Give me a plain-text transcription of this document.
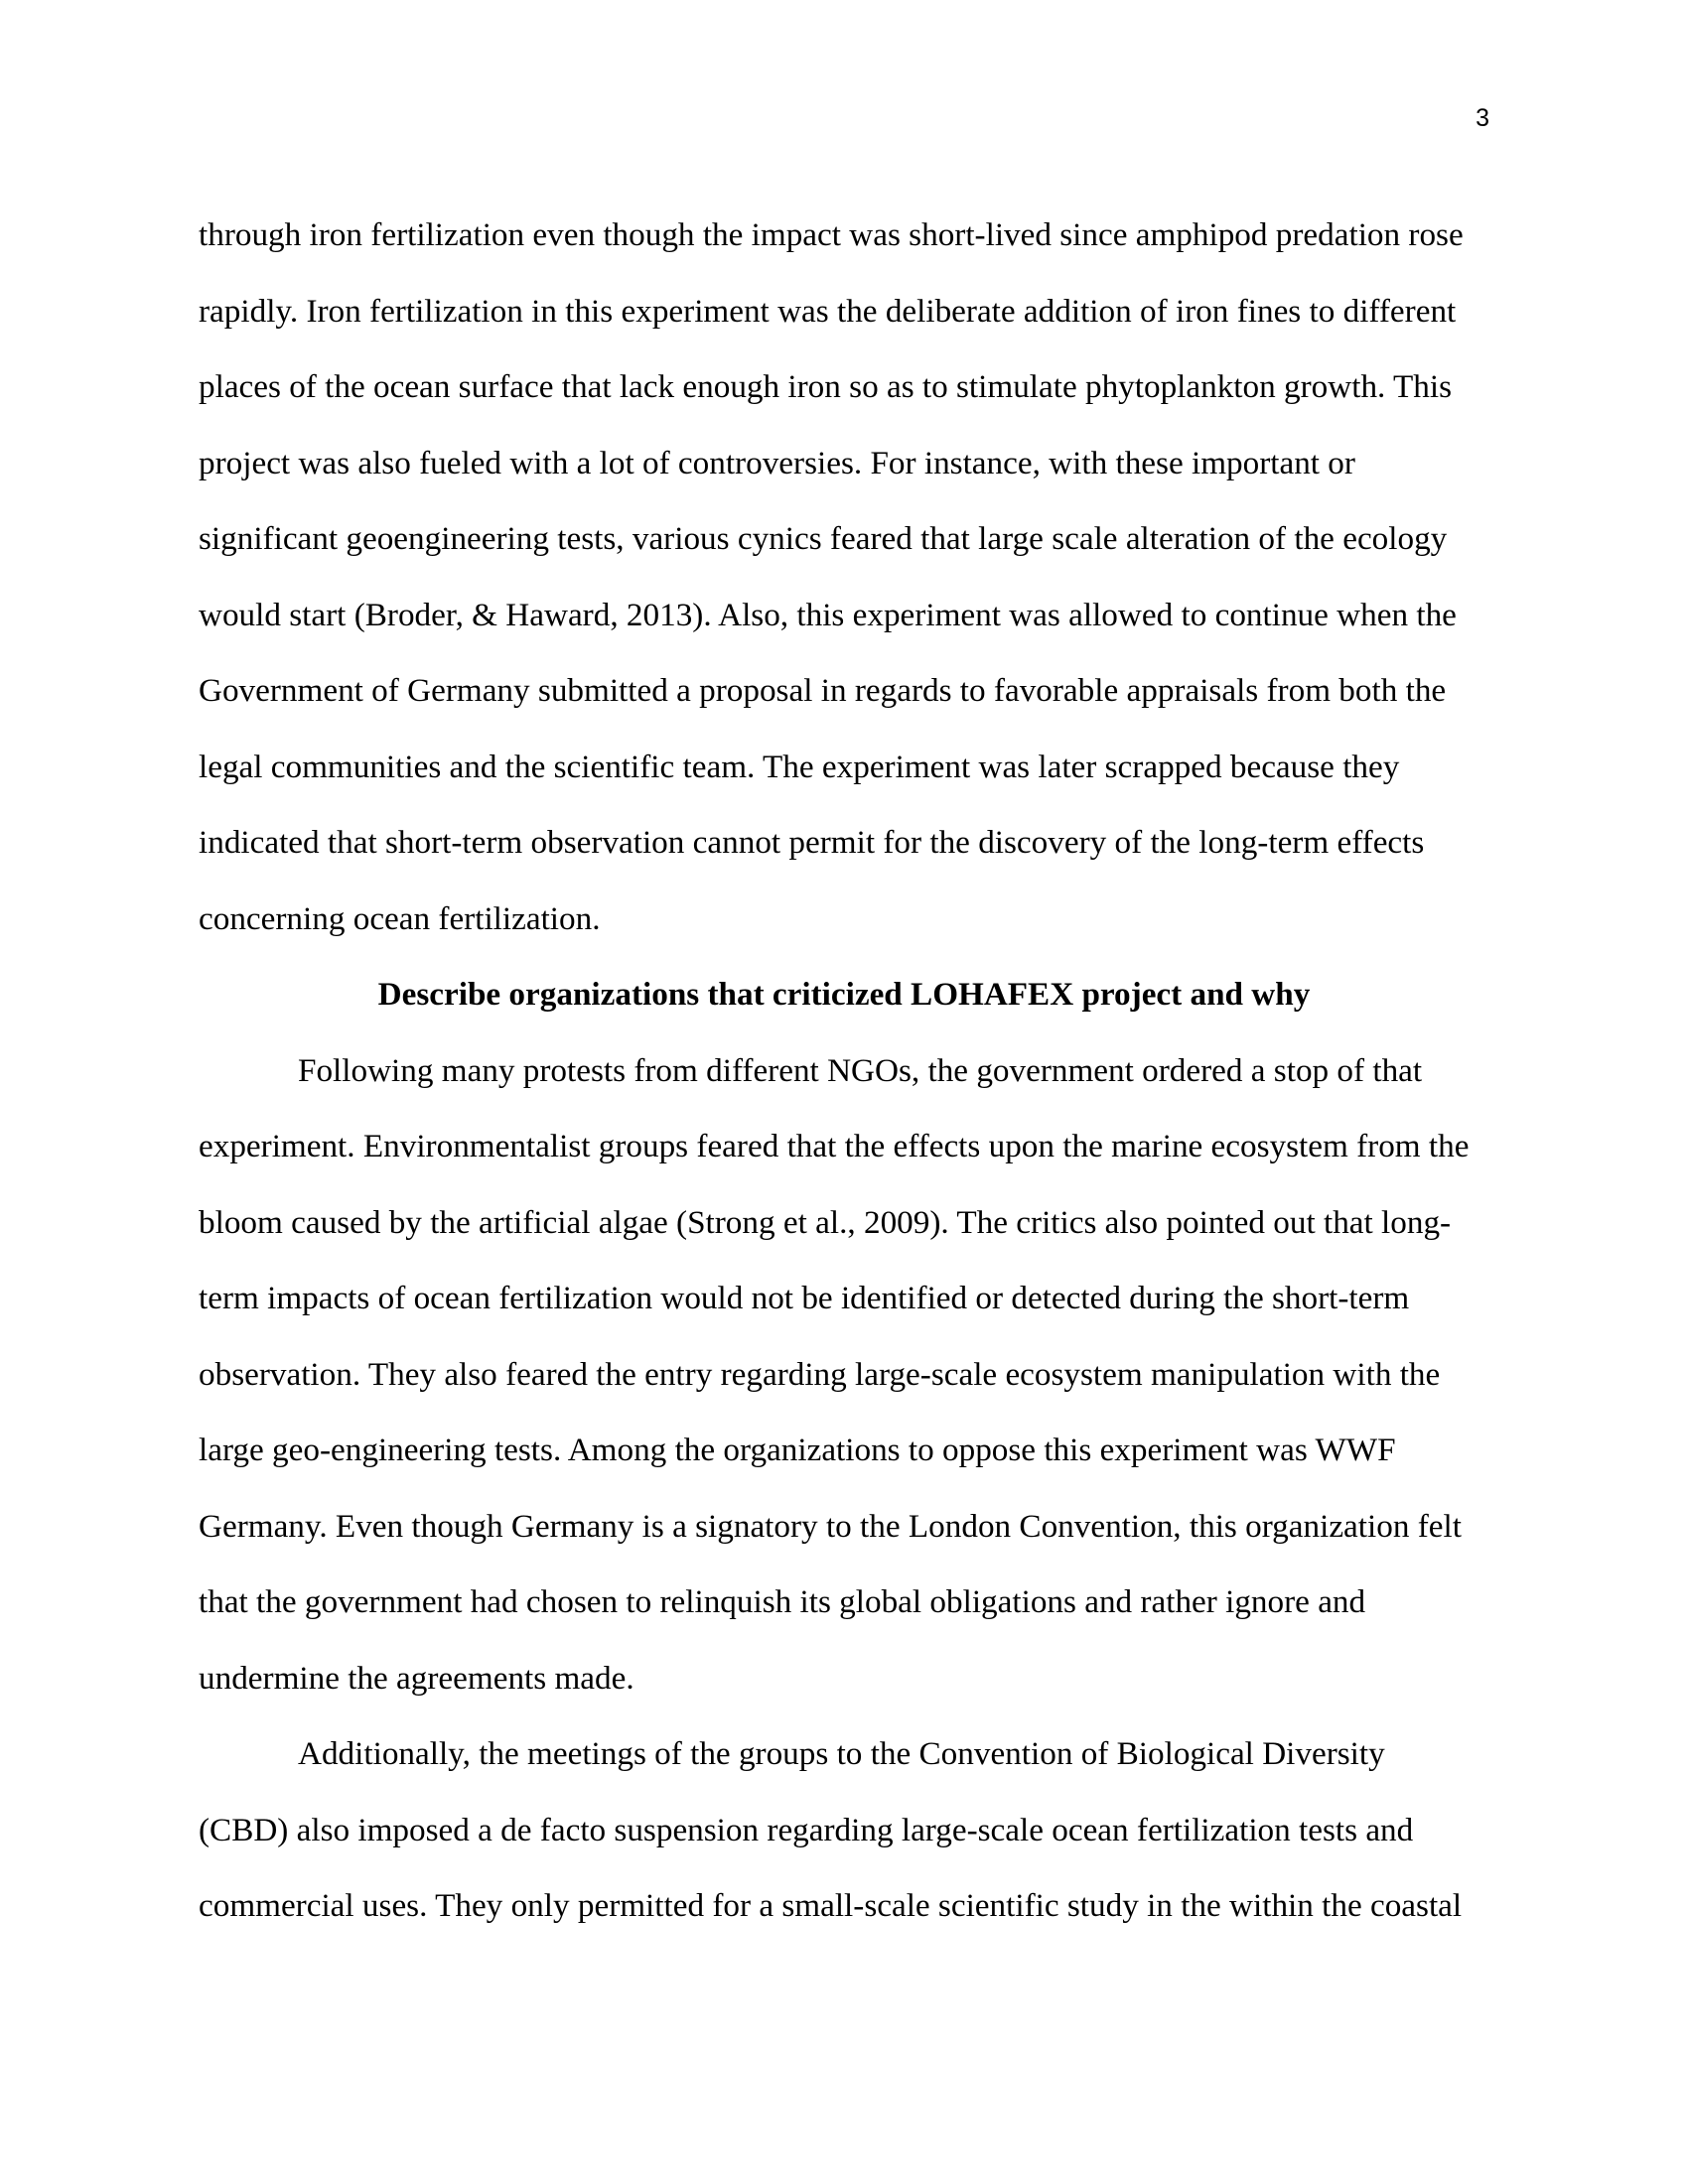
3
through iron fertilization even though the impact was short-lived since amphipod predation rose
rapidly. Iron fertilization in this experiment was the deliberate addition of iron fines to different
places of the ocean surface that lack enough iron so as to stimulate phytoplankton growth. This
project was also fueled with a lot of controversies. For instance, with these important or
significant geoengineering tests, various cynics feared that large scale alteration of the ecology
would start (Broder, & Haward, 2013). Also, this experiment was allowed to continue when the
Government of Germany submitted a proposal in regards to favorable appraisals from both the
legal communities and the scientific team. The experiment was later scrapped because they
indicated that short-term observation cannot permit for the discovery of the long-term effects
concerning ocean fertilization.
Describe organizations that criticized LOHAFEX project and why
Following many protests from different NGOs, the government ordered a stop of that
experiment. Environmentalist groups feared that the effects upon the marine ecosystem from the
bloom caused by the artificial algae (Strong et al., 2009). The critics also pointed out that long-
term impacts of ocean fertilization would not be identified or detected during the short-term
observation. They also feared the entry regarding large-scale ecosystem manipulation with the
large geo-engineering tests. Among the organizations to oppose this experiment was WWF
Germany. Even though Germany is a signatory to the London Convention, this organization felt
that the government had chosen to relinquish its global obligations and rather ignore and
undermine the agreements made.
Additionally, the meetings of the groups to the Convention of Biological Diversity
(CBD) also imposed a de facto suspension regarding large-scale ocean fertilization tests and
commercial uses. They only permitted for a small-scale scientific study in the within the coastal
